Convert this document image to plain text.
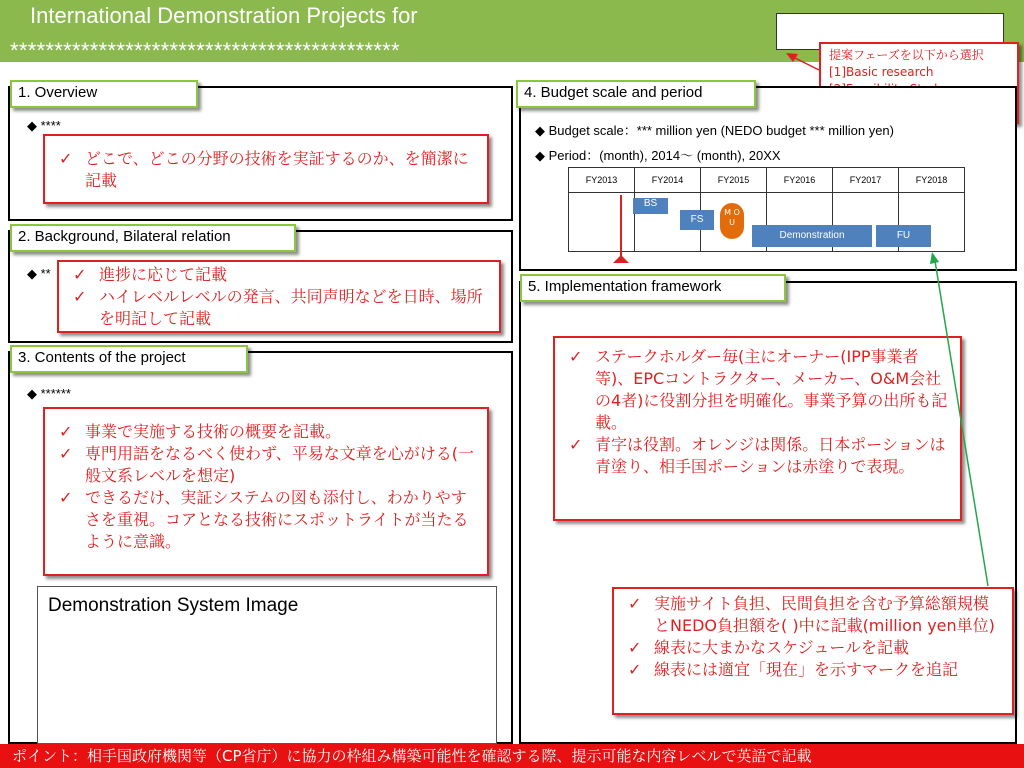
International Demonstration Projects for
********************************************	提案フェーズを以下から選択
[1]Basic research
1. Overview
◆ ****
✓ どこで、どこの分野の技術を実証するのか、を簡潔に記載
2. Background, Bilateral relation
◆ ** ✓ 進捗に応じて記載
✓ ハイレベルレベルの発言、共同声明などを日時、場所を明記して記載
3. Contents of the project
◆ ******
✓ 事業で実施する技術の概要を記載。
✓ 専門用語をなるべく使わず、平易な文章を心がける(一般文系レベルを想定)
✓ できるだけ、実証システムの図も添付し、わかりやすさを重視。コアとなる技術にスポットライトが当たるように意識。
Demonstration System Image
4. Budget scale and period
◆ Budget scale：*** million yen (NEDO budget *** million yen)
◆ Period：(month), 2014〜 (month), 20XX
FY2013	FY2014	FY2015	FY2016	FY2017	FY2018

BS
FS
M O U
Demonstration	FU
5. Implementation framework
✓ ステークホルダー毎(主にオーナー(IPP事業者等)、EPCコントラクター、メーカー、O&M会社の4者)に役割分担を明確化。事業予算の出所も記載。
✓ 青字は役割。オレンジは関係。日本ポーションは青塗り、相手国ポーションは赤塗りで表現。
✓ 実施サイト負担、民間負担を含む予算総額規模とNEDO負担額を( )中に記載(million yen単位)
✓ 線表に大まかなスケジュールを記載
✓ 線表には適宜「現在」を示すマークを追記
ポイント：相手国政府機関等（CP省庁）に協力の枠組み構築可能性を確認する際、提示可能な内容レベルで英語で記載
